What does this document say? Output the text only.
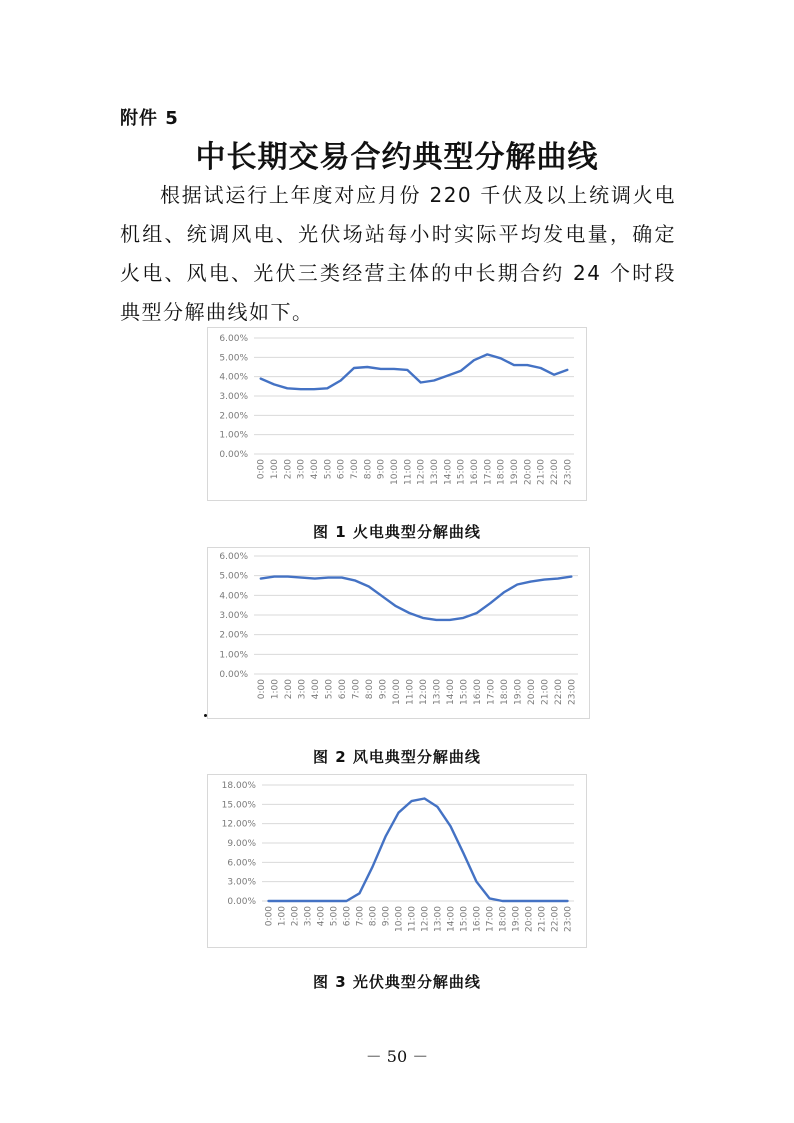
附件 5
中长期交易合约典型分解曲线

根据试运行上年度对应月份 220 千伏及以上统调火电机组、统调风电、光伏场站每小时实际平均发电量，确定火电、风电、光伏三类经营主体的中长期合约 24 个时段典型分解曲线如下。

0.00%
1.00%
2.00%
3.00%
4.00%
5.00%
6.00%
0:00 1:00 2:00 3:00 4:00 5:00 6:00 7:00 8:00 9:00 10:00 11:00 12:00 13:00 14:00 15:00 16:00 17:00 18:00 19:00 20:00 21:00 22:00 23:00
图 1 火电典型分解曲线
0.00%
1.00%
2.00%
3.00%
4.00%
5.00%
6.00%
0:00 1:00 2:00 3:00 4:00 5:00 6:00 7:00 8:00 9:00 10:00 11:00 12:00 13:00 14:00 15:00 16:00 17:00 18:00 19:00 20:00 21:00 22:00 23:00
图 2 风电典型分解曲线
0.00%
3.00%
6.00%
9.00%
12.00%
15.00%
18.00%
0:00 1:00 2:00 3:00 4:00 5:00 6:00 7:00 8:00 9:00 10:00 11:00 12:00 13:00 14:00 15:00 16:00 17:00 18:00 19:00 20:00 21:00 22:00 23:00
图 3 光伏典型分解曲线
－ 50 －
